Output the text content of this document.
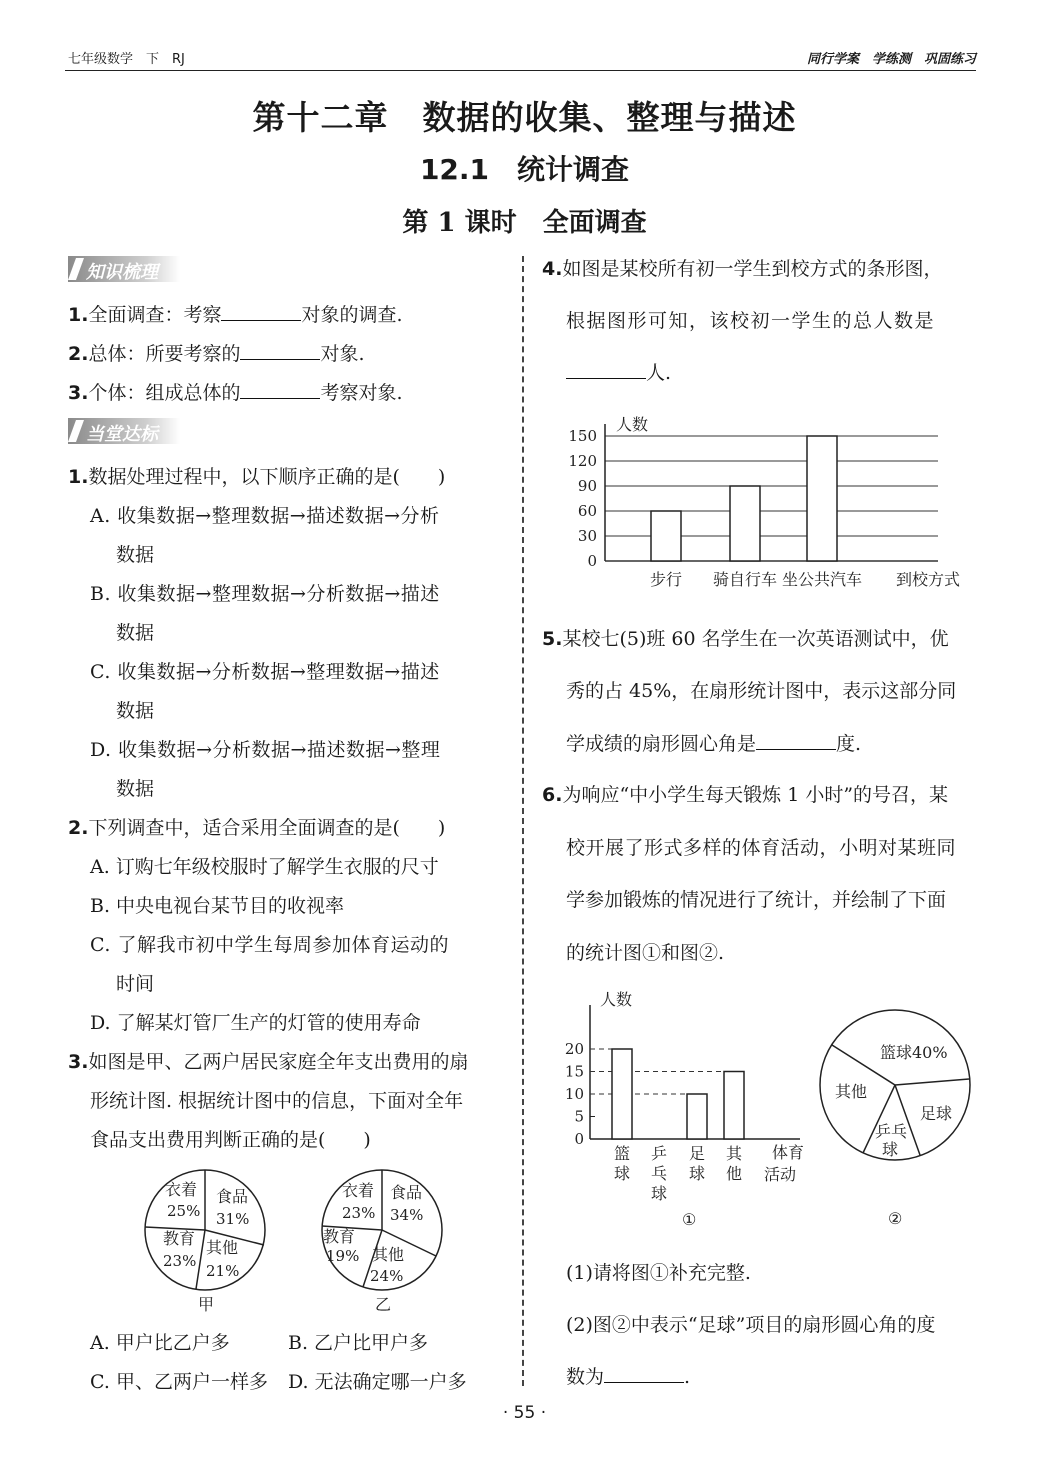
七年级数学　下　RJ	同行学案　学练测　巩固练习
第十二章　数据的收集、整理与描述
12.1　统计调查
第 1 课时　全面调查
知识梳理
1.全面调查：考察	对象的调查.
2.总体：所要考察的	对象.
3.个体：组成总体的	考察对象.
当堂达标
1.数据处理过程中，以下顺序正确的是(　　)
A. 收集数据→整理数据→描述数据→分析
数据
B. 收集数据→整理数据→分析数据→描述
数据
C. 收集数据→分析数据→整理数据→描述
数据
D. 收集数据→分析数据→描述数据→整理
数据
2.下列调查中，适合采用全面调查的是(　　)
A. 订购七年级校服时了解学生衣服的尺寸
B. 中央电视台某节目的收视率
C. 了解我市初中学生每周参加体育运动的
时间
D. 了解某灯管厂生产的灯管的使用寿命
3.如图是甲、乙两户居民家庭全年支出费用的扇
形统计图. 根据统计图中的信息，下面对全年
食品支出费用判断正确的是(　　)
衣着
25%
食品
31%
教育
23%
其他
21%
甲
衣着
23%
食品
34%
教育
19% 其他
24%
乙
A. 甲户比乙户多	B. 乙户比甲户多
C. 甲、乙两户一样多 D. 无法确定哪一户多
4.如图是某校所有初一学生到校方式的条形图，
根据图形可知，该校初一学生的总人数是
人.
0
30
60
90
120
150
步行 骑自行车 坐公共汽车
人数
到校方式
5.某校七(5)班 60 名学生在一次英语测试中，优
秀的占 45%，在扇形统计图中，表示这部分同
学成绩的扇形圆心角是	度.
6.为响应“中小学生每天锻炼 1 小时”的号召，某
校开展了形式多样的体育活动，小明对某班同
学参加锻炼的情况进行了统计，并绘制了下面
的统计图①和图②.
0
5
10
15
20
篮
球
乒
乓
球
足
球
其
他
人数
体育
活动
①
篮球40%
其他
足球
乒乓
球
②
(1)请将图①补充完整.
(2)图②中表示“足球”项目的扇形圆心角的度
数为	.
· 55 ·
